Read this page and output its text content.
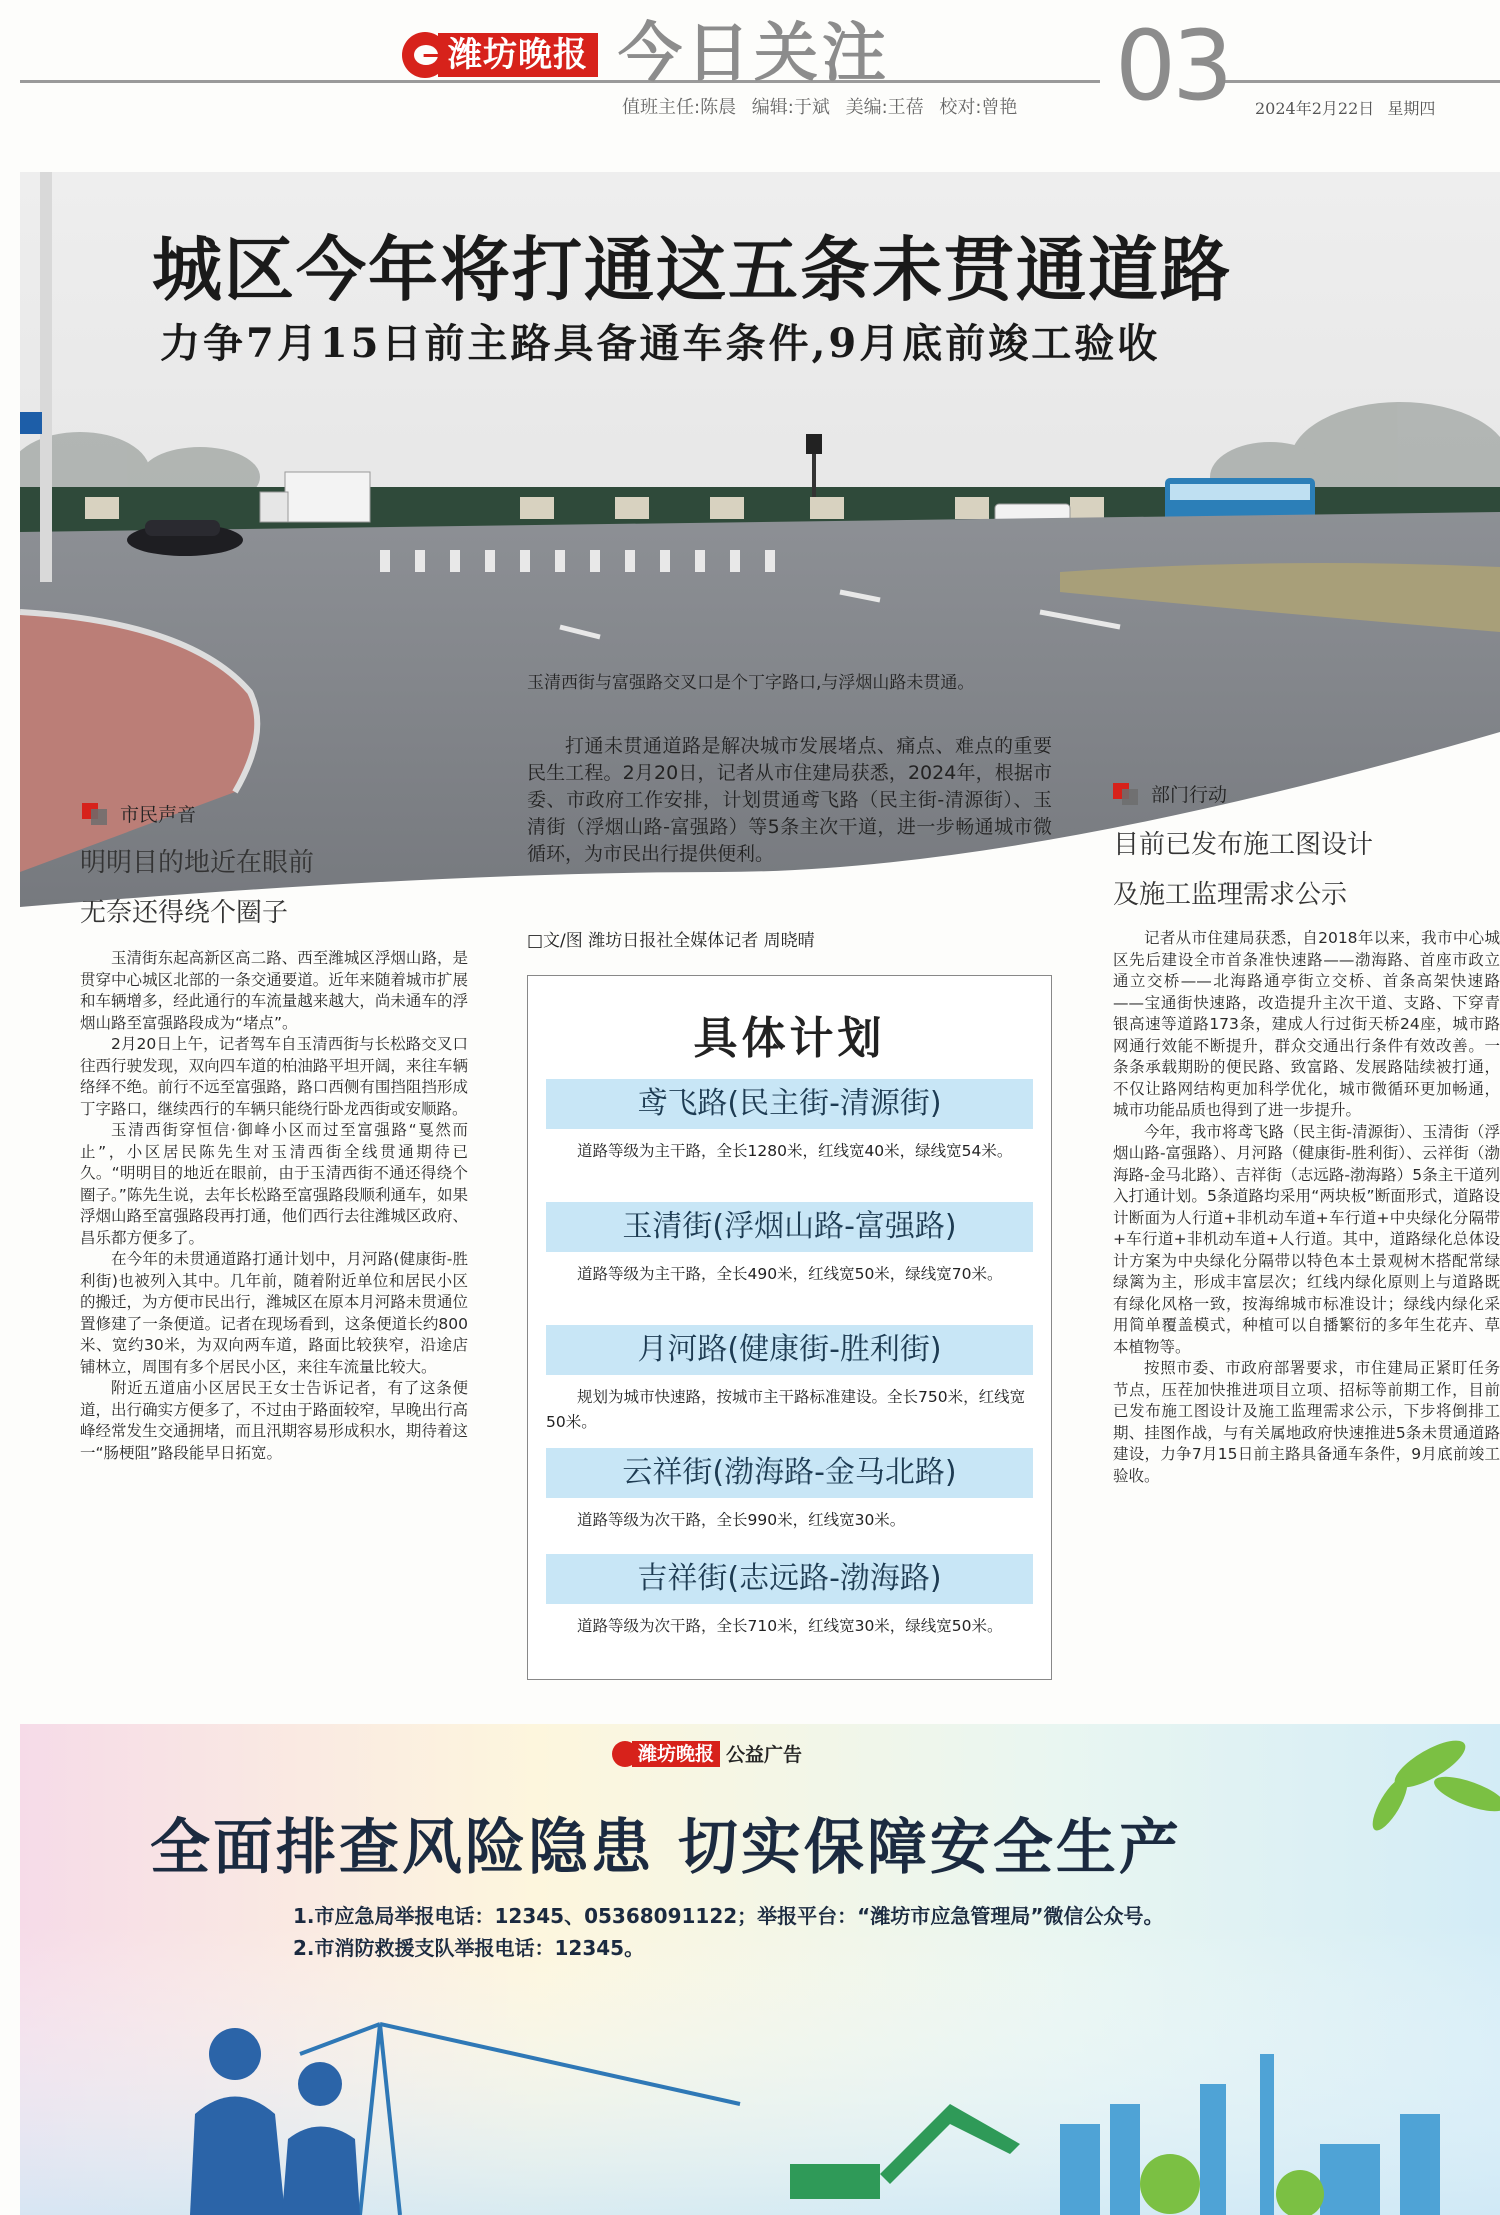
潍坊晚报 今日关注 03
值班主任:陈晨 编辑:于斌 美编:王蓓 校对:曾艳	2024年2月22日 星期四
城区今年将打通这五条未贯通道路
力争7月15日前主路具备通车条件,9月底前竣工验收
玉清西街与富强路交叉口是个丁字路口,与浮烟山路未贯通。

打通未贯通道路是解决城市发展堵点、痛点、难点的重要民生工程。2月20日，记者从市住建局获悉，2024年，根据市委、市政府工作安排，计划贯通鸢飞路（民主街-清源街）、玉清街（浮烟山路-富强路）等5条主次干道，进一步畅通城市微循环，为市民出行提供便利。

□文/图 潍坊日报社全媒体记者 周晓晴
市民声音
明明目的地近在眼前
无奈还得绕个圈子

玉清街东起高新区高二路、西至潍城区浮烟山路，是贯穿中心城区北部的一条交通要道。近年来随着城市扩展和车辆增多，经此通行的车流量越来越大，尚未通车的浮烟山路至富强路段成为“堵点”。

2月20日上午，记者驾车自玉清西街与长松路交叉口往西行驶发现，双向四车道的柏油路平坦开阔，来往车辆络绎不绝。前行不远至富强路，路口西侧有围挡阻挡形成丁字路口，继续西行的车辆只能绕行卧龙西街或安顺路。

玉清西街穿恒信·御峰小区而过至富强路“戛然而止”，小区居民陈先生对玉清西街全线贯通期待已久。“明明目的地近在眼前，由于玉清西街不通还得绕个圈子。”陈先生说，去年长松路至富强路段顺利通车，如果浮烟山路至富强路段再打通，他们西行去往潍城区政府、昌乐都方便多了。

在今年的未贯通道路打通计划中，月河路(健康街-胜利街)也被列入其中。几年前，随着附近单位和居民小区的搬迁，为方便市民出行，潍城区在原本月河路未贯通位置修建了一条便道。记者在现场看到，这条便道长约800米、宽约30米，为双向两车道，路面比较狭窄，沿途店铺林立，周围有多个居民小区，来往车流量比较大。

附近五道庙小区居民王女士告诉记者，有了这条便道，出行确实方便多了，不过由于路面较窄，早晚出行高峰经常发生交通拥堵，而且汛期容易形成积水，期待着这一“肠梗阻”路段能早日拓宽。

部门行动
目前已发布施工图设计
及施工监理需求公示

记者从市住建局获悉，自2018年以来，我市中心城区先后建设全市首条准快速路——渤海路、首座市政立通立交桥——北海路通亭街立交桥、首条高架快速路——宝通街快速路，改造提升主次干道、支路、下穿青银高速等道路173条，建成人行过街天桥24座，城市路网通行效能不断提升，群众交通出行条件有效改善。一条条承载期盼的便民路、致富路、发展路陆续被打通，不仅让路网结构更加科学优化，城市微循环更加畅通，城市功能品质也得到了进一步提升。

今年，我市将鸢飞路（民主街-清源街）、玉清街（浮烟山路-富强路）、月河路（健康街-胜利街）、云祥街（渤海路-金马北路）、吉祥街（志远路-渤海路）5条主干道列入打通计划。5条道路均采用“两块板”断面形式，道路设计断面为人行道+非机动车道+车行道+中央绿化分隔带+车行道+非机动车道+人行道。其中，道路绿化总体设计方案为中央绿化分隔带以特色本土景观树木搭配常绿绿篱为主，形成丰富层次；红线内绿化原则上与道路既有绿化风格一致，按海绵城市标准设计；绿线内绿化采用简单覆盖模式，种植可以自播繁衍的多年生花卉、草本植物等。

按照市委、市政府部署要求，市住建局正紧盯任务节点，压茬加快推进项目立项、招标等前期工作，目前已发布施工图设计及施工监理需求公示，下步将倒排工期、挂图作战，与有关属地政府快速推进5条未贯通道路建设，力争7月15日前主路具备通车条件，9月底前竣工验收。

具体计划
鸢飞路(民主街-清源街)
道路等级为主干路，全长1280米，红线宽40米，绿线宽54米。
玉清街(浮烟山路-富强路)
道路等级为主干路，全长490米，红线宽50米，绿线宽70米。
月河路(健康街-胜利街)
规划为城市快速路，按城市主干路标准建设。全长750米，红线宽50米。
云祥街(渤海路-金马北路)
道路等级为次干路，全长990米，红线宽30米。
吉祥街(志远路-渤海路)
道路等级为次干路，全长710米，红线宽30米，绿线宽50米。
潍坊晚报 公益广告
全面排查风险隐患 切实保障安全生产
1.市应急局举报电话：12345、05368091122；举报平台：“潍坊市应急管理局”微信公众号。
2.市消防救援支队举报电话：12345。
